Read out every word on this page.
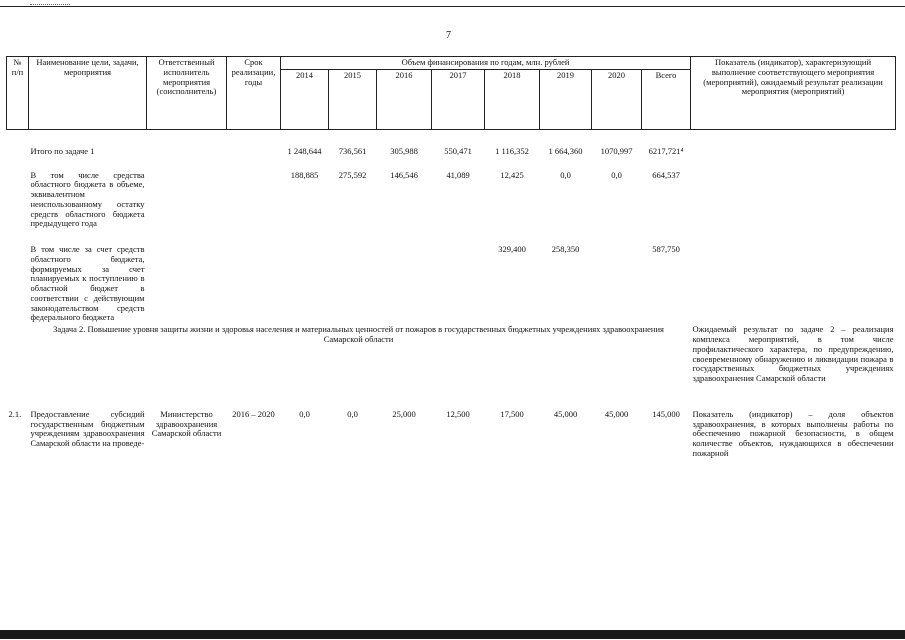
7
№ п/п	Наименование цели, задачи, мероприятия	Ответственный исполнитель мероприятия (соисполнитель)	Срок реализации, годы	Объем финансирования по годам, млн. рублей								Показатель (индикатор), характеризующий выполнение соответствующего мероприятия (мероприятий), ожидаемый результат реализации мероприятия (мероприятий)
				2014	2015	2016	2017	2018	2019	2020	Всего	

	Итого по задаче 1			1 248,644	736,561	305,988	550,471	1 116,352	1 664,360	1070,997	6217,721⁴	

	В том числе средства областного бюджета в объеме, эквивалентном неиспользованному остатку средств областного бюджета предыдущего года			188,885	275,592	146,546	41,089	12,425	0,0	0,0	664,537	

	В том числе за счет средств областного бюджета, формируемых за счет планируемых к поступлению в областной бюджет в соответствии с действующим законодательством средств федерального бюджета							329,400	258,350		587,750	
Задача 2. Повышение уровня защиты жизни и здоровья населения и материальных ценностей от пожаров в государственных бюджетных учреждениях здравоохранения Самарской области												Ожидаемый результат по задаче 2 – реализация комплекса мероприятий, в том числе профилактического характера, по предупреждению, своевременному обнаружению и ликвидации пожара в государственных бюджетных учреждениях здравоохранения Самарской области

2.1.	Предоставление субсидий государственным бюджетным учреждениям здравоохранения Самарской области на проведе-	Министерство здравоохранения Самарской области	2016 – 2020	0,0	0,0	25,000	12,500	17,500	45,000	45,000	145,000	Показатель (индикатор) – доля объектов здравоохранения, в которых выполнены работы по обеспечению пожарной безопасности, в общем количестве объектов, нуждающихся в обеспечении пожарной
